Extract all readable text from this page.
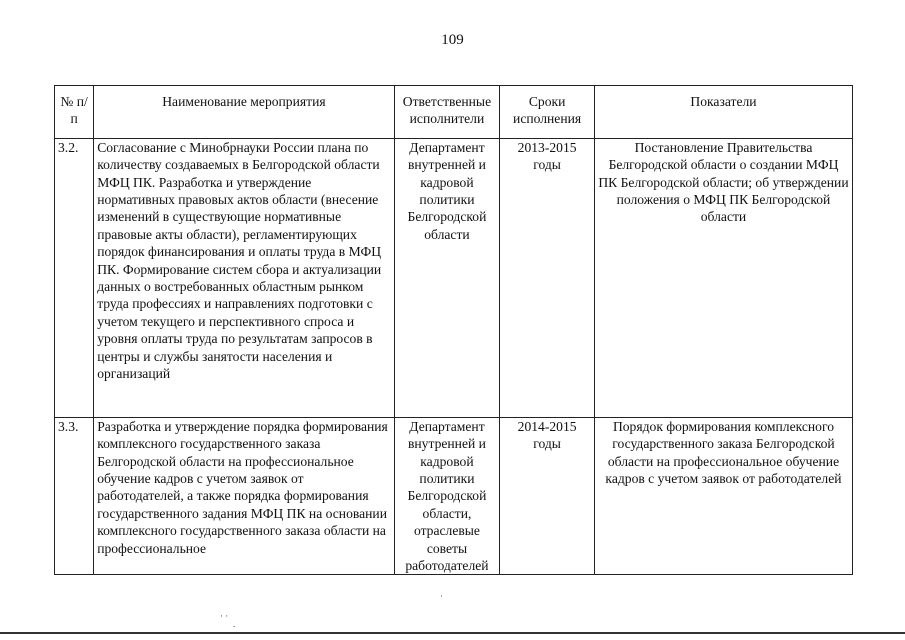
109
№ п/п	Наименование мероприятия	Ответственные исполнители	Сроки исполнения	Показатели
3.2.	Согласование с Минобрнауки России плана по количеству создаваемых в Белгородской области МФЦ ПК. Разработка и утверждение нормативных правовых актов области (внесение изменений в существующие нормативные правовые акты области), регламентирующих порядок финансирования и оплаты труда в МФЦ ПК. Формирование систем сбора и актуализации данных о востребованных областным рынком труда профессиях и направлениях подготовки с учетом текущего и перспективного спроса и уровня оплаты труда по результатам запросов в центры и службы занятости населения и организаций	Департамент внутренней и кадровой политики Белгородской области	2013-2015 годы	Постановление Правительства Белгородской области о создании МФЦ ПК Белгородской области; об утверждении положения о МФЦ ПК Белгородской области
3.3.	Разработка и утверждение порядка формирования комплексного государственного заказа Белгородской области на профессиональное обучение кадров с учетом заявок от работодателей, а также порядка формирования государственного задания МФЦ ПК на основании комплексного государственного заказа области на профессиональное	Департамент внутренней и кадровой политики Белгородской области, отраслевые советы работодателей	2014-2015 годы	Порядок формирования комплексного государственного заказа Белгородской области на профессиональное обучение кадров с учетом заявок от работодателей
·
· ·
.
